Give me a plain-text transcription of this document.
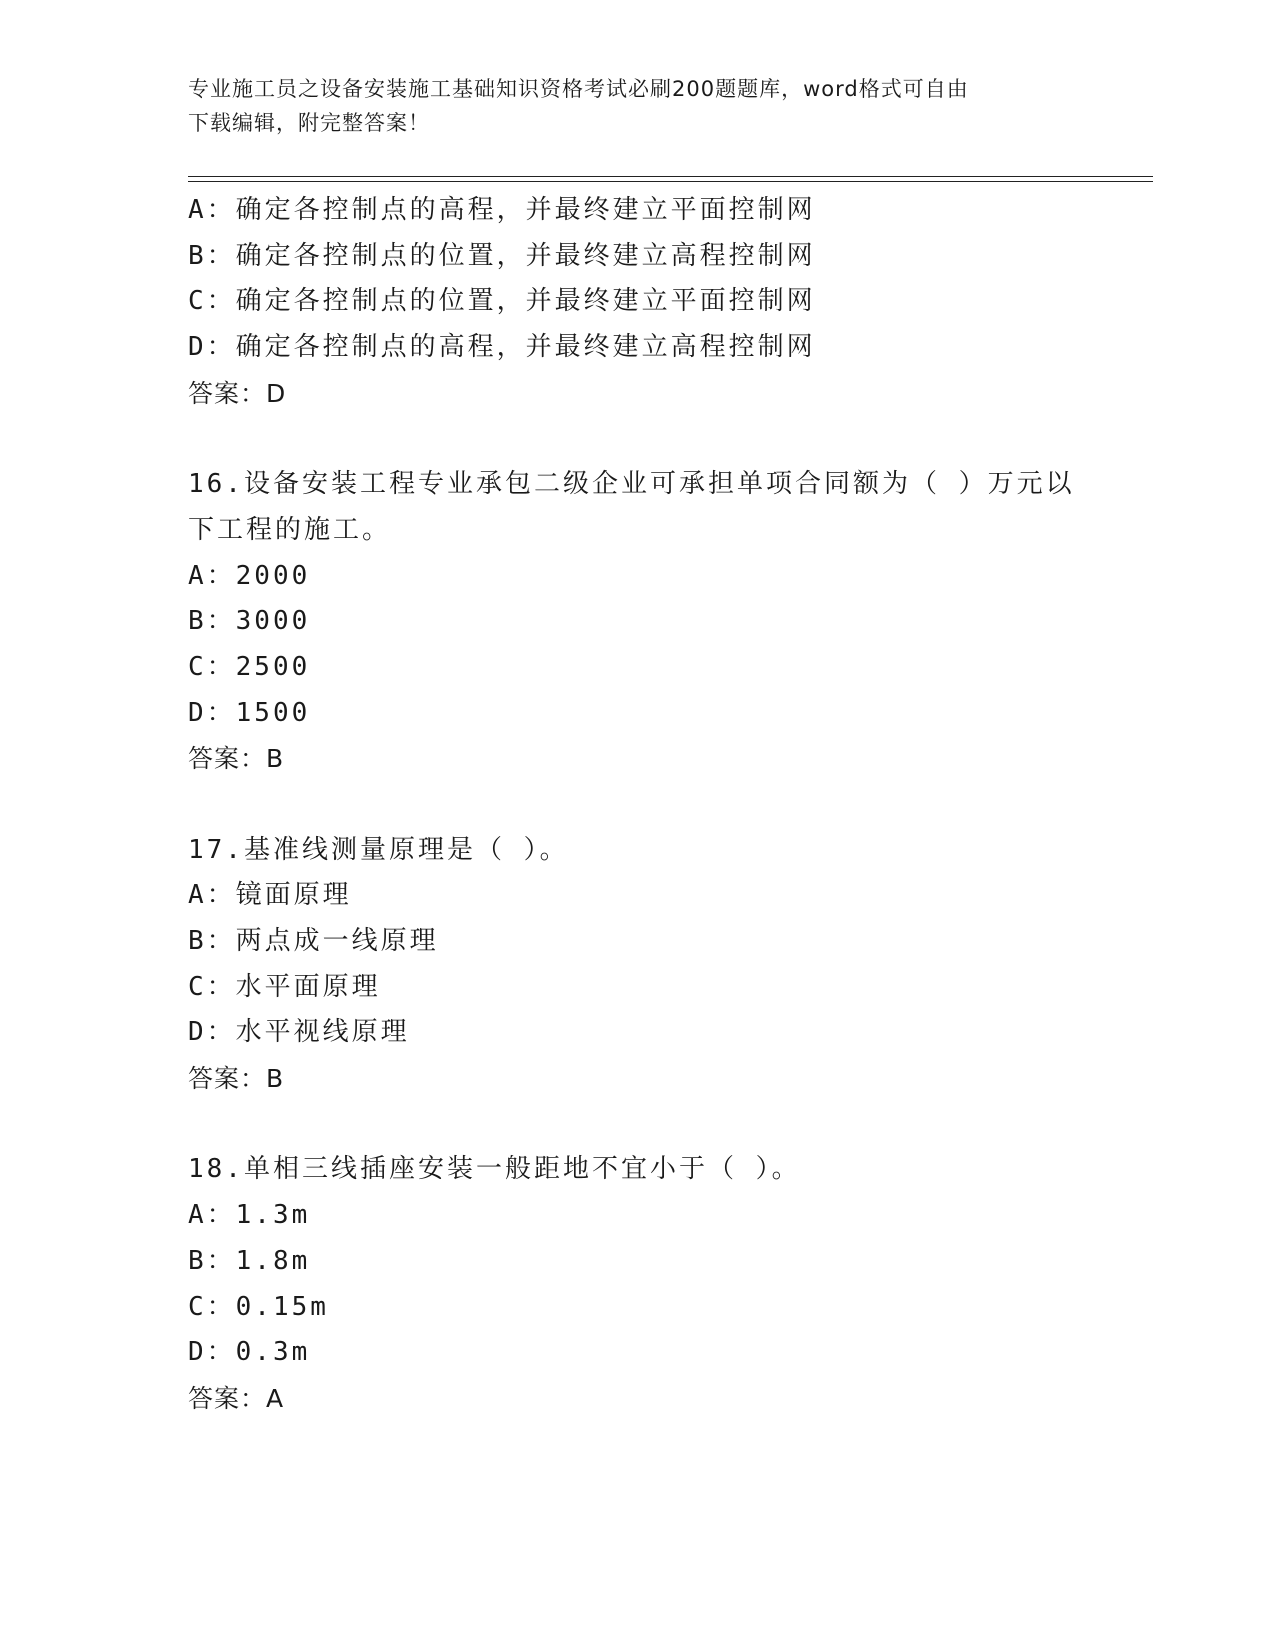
专业施工员之设备安装施工基础知识资格考试必刷200题题库，word格式可自由
下载编辑，附完整答案！
A：确定各控制点的高程，并最终建立平面控制网
B：确定各控制点的位置，并最终建立高程控制网
C：确定各控制点的位置，并最终建立平面控制网
D：确定各控制点的高程，并最终建立高程控制网
答案：D
16.设备安装工程专业承包二级企业可承担单项合同额为（ ）万元以
下工程的施工。
A：2000
B：3000
C：2500
D：1500
答案：B
17.基准线测量原理是（ ）。
A：镜面原理
B：两点成一线原理
C：水平面原理
D：水平视线原理
答案：B
18.单相三线插座安装一般距地不宜小于（ ）。
A：1.3m
B：1.8m
C：0.15m
D：0.3m
答案：A
